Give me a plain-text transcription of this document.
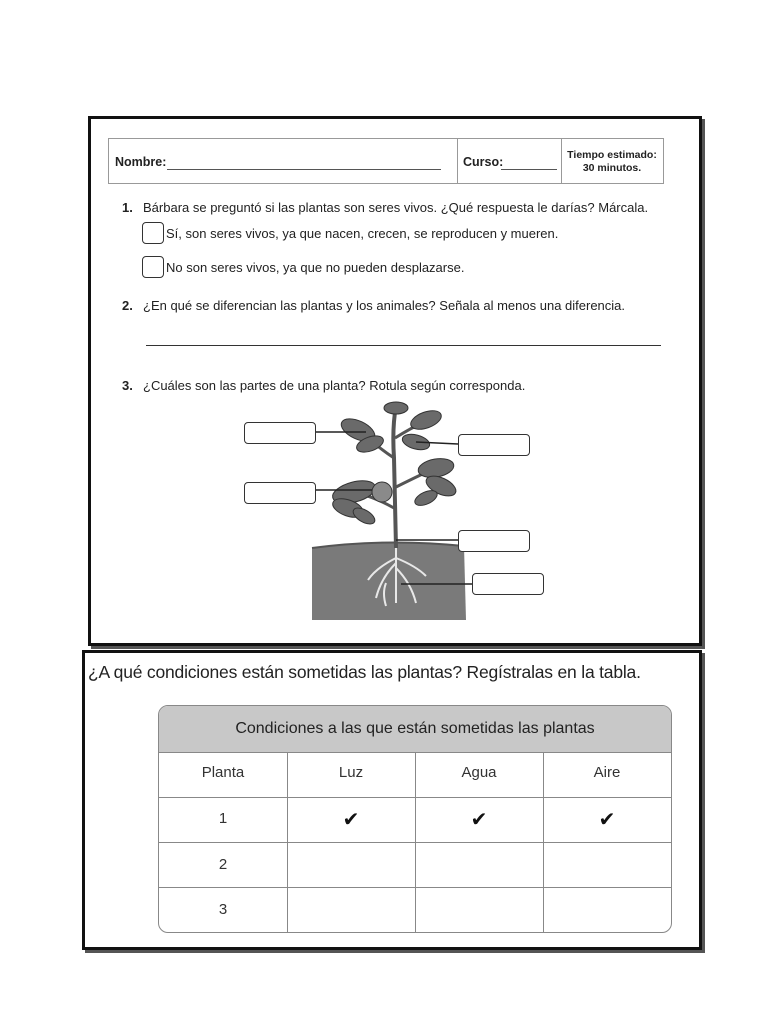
Nombre:	Curso:	Tiempo estimado:
30 minutos.
1. Bárbara se preguntó si las plantas son seres vivos. ¿Qué respuesta le darías? Márcala.
Sí, son seres vivos, ya que nacen, crecen, se reproducen y mueren.
No son seres vivos, ya que no pueden desplazarse.
2. ¿En qué se diferencian las plantas y los animales? Señala al menos una diferencia.
3. ¿Cuáles son las partes de una planta? Rotula según corresponda.
¿A qué condiciones están sometidas las plantas? Regístralas en la tabla.
Condiciones a las que están sometidas las plantas
Planta	Luz	Agua	Aire
1	✔	✔	✔
2
3
